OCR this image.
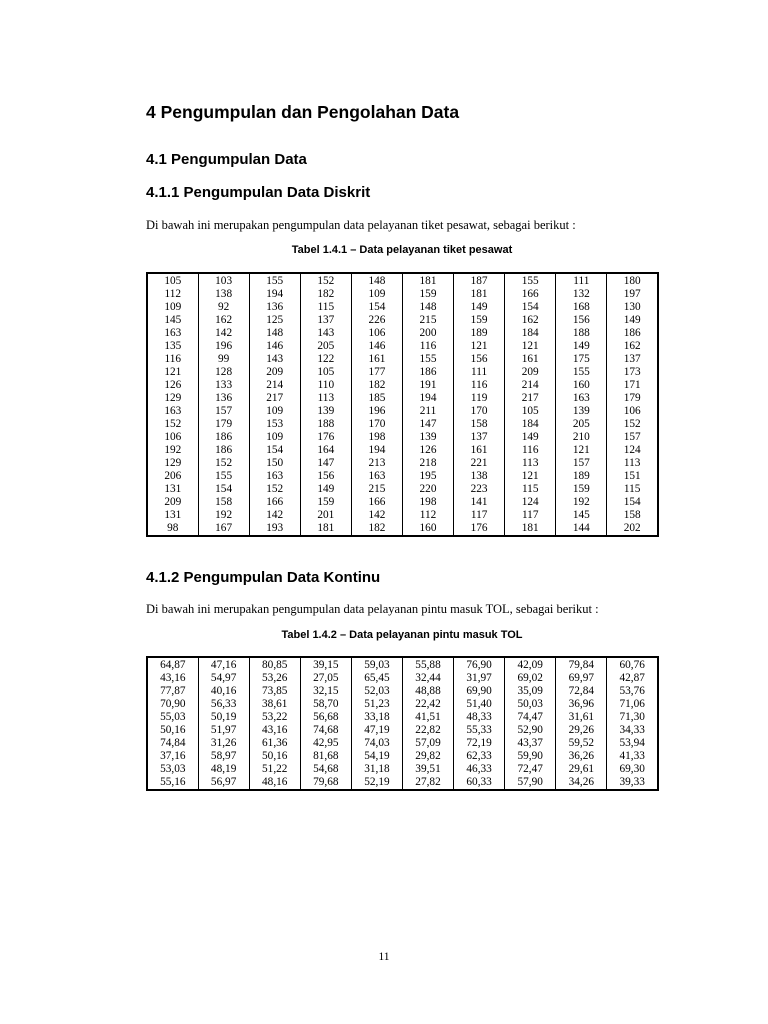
4 Pengumpulan dan Pengolahan Data
4.1 Pengumpulan Data
4.1.1 Pengumpulan Data Diskrit

Di bawah ini merupakan pengumpulan data pelayanan tiket pesawat, sebagai berikut :

Tabel 1.4.1 – Data pelayanan tiket pesawat

105	103	155	152	148	181	187	155	111	180
112	138	194	182	109	159	181	166	132	197
109	92	136	115	154	148	149	154	168	130
145	162	125	137	226	215	159	162	156	149
163	142	148	143	106	200	189	184	188	186
135	196	146	205	146	116	121	121	149	162
116	99	143	122	161	155	156	161	175	137
121	128	209	105	177	186	111	209	155	173
126	133	214	110	182	191	116	214	160	171
129	136	217	113	185	194	119	217	163	179
163	157	109	139	196	211	170	105	139	106
152	179	153	188	170	147	158	184	205	152
106	186	109	176	198	139	137	149	210	157
192	186	154	164	194	126	161	116	121	124
129	152	150	147	213	218	221	113	157	113
206	155	163	156	163	195	138	121	189	151
131	154	152	149	215	220	223	115	159	115
209	158	166	159	166	198	141	124	192	154
131	192	142	201	142	112	117	117	145	158
98	167	193	181	182	160	176	181	144	202
4.1.2 Pengumpulan Data Kontinu

Di bawah ini merupakan pengumpulan data pelayanan pintu masuk TOL, sebagai berikut :

Tabel 1.4.2 – Data pelayanan pintu masuk TOL

64,87	47,16	80,85	39,15	59,03	55,88	76,90	42,09	79,84	60,76
43,16	54,97	53,26	27,05	65,45	32,44	31,97	69,02	69,97	42,87
77,87	40,16	73,85	32,15	52,03	48,88	69,90	35,09	72,84	53,76
70,90	56,33	38,61	58,70	51,23	22,42	51,40	50,03	36,96	71,06
55,03	50,19	53,22	56,68	33,18	41,51	48,33	74,47	31,61	71,30
50,16	51,97	43,16	74,68	47,19	22,82	55,33	52,90	29,26	34,33
74,84	31,26	61,36	42,95	74,03	57,09	72,19	43,37	59,52	53,94
37,16	58,97	50,16	81,68	54,19	29,82	62,33	59,90	36,26	41,33
53,03	48,19	51,22	54,68	31,18	39,51	46,33	72,47	29,61	69,30
55,16	56,97	48,16	79,68	52,19	27,82	60,33	57,90	34,26	39,33
11
